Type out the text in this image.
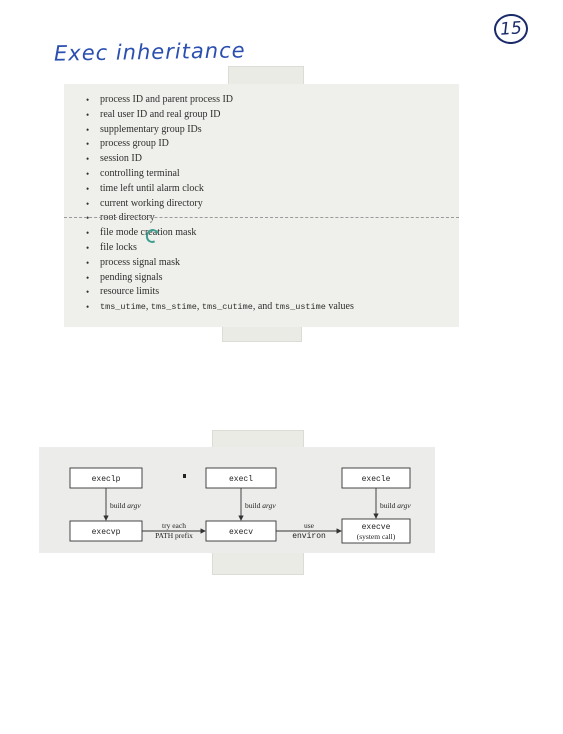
15
Exec inheritance
• process ID and parent process ID
• real user ID and real group ID
• supplementary group IDs
• process group ID
• session ID
• controlling terminal
• time left until alarm clock
• current working directory
• root directory
• file mode creation mask
• file locks
• process signal mask
• pending signals
• resource limits
• tms_utime, tms_stime, tms_cutime, and tms_ustime values
execlp	execl	execle
execvp	execv
execve
(system call)
build argv	build argv	build argv
try each
PATH prefix
use
environ
